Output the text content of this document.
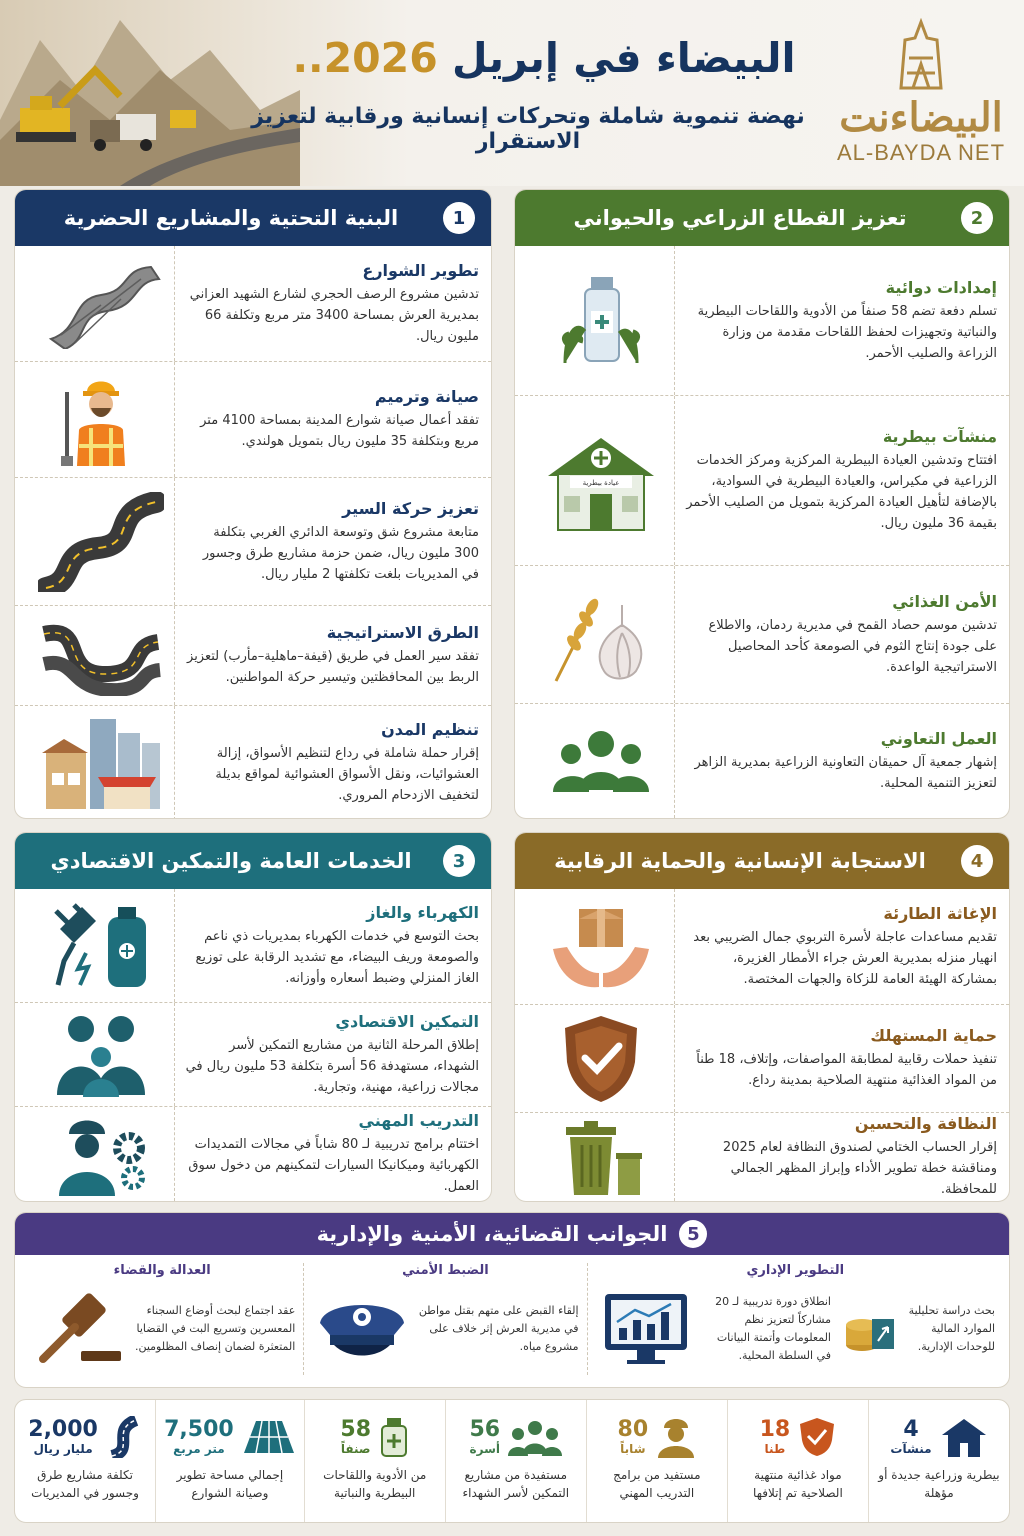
البيضاء في إبريل 2026..
نهضة تنموية شاملة وتحركات إنسانية ورقابية لتعزيز الاستقرار
البيضاءنت
AL-BAYDA NET
2
تعزيز القطاع الزراعي والحيواني
إمدادات دوائية
تسلم دفعة تضم 58 صنفاً من الأدوية واللقاحات البيطرية والنباتية وتجهيزات لحفظ اللقاحات مقدمة من وزارة الزراعة والصليب الأحمر.
منشآت بيطرية
افتتاح وتدشين العيادة البيطرية المركزية ومركز الخدمات الزراعية في مكيراس، والعيادة البيطرية في السوادية، بالإضافة لتأهيل العيادة المركزية بتمويل من الصليب الأحمر بقيمة 36 مليون ريال.
عيادة بيطرية
الأمن الغذائي
تدشين موسم حصاد القمح في مديرية ردمان، والاطلاع على جودة إنتاج الثوم في الصومعة كأحد المحاصيل الاستراتيجية الواعدة.
العمل التعاوني
إشهار جمعية آل حميقان التعاونية الزراعية بمديرية الزاهر لتعزيز التنمية المحلية.
1
البنية التحتية والمشاريع الحضرية
تطوير الشوارع
تدشين مشروع الرصف الحجري لشارع الشهيد العزاني بمديرية العرش بمساحة 3400 متر مربع وتكلفة 66 مليون ريال.
صيانة وترميم
تفقد أعمال صيانة شوارع المدينة بمساحة 4100 متر مربع وبتكلفة 35 مليون ريال بتمويل هولندي.
تعزيز حركة السير
متابعة مشروع شق وتوسعة الدائري الغربي بتكلفة 300 مليون ريال، ضمن حزمة مشاريع طرق وجسور في المديريات بلغت تكلفتها 2 مليار ريال.
الطرق الاستراتيجية
تفقد سير العمل في طريق (قيفة–ماهلية–مأرب) لتعزيز الربط بين المحافظتين وتيسير حركة المواطنين.
تنظيم المدن
إقرار حملة شاملة في رداع لتنظيم الأسواق، إزالة العشوائيات، ونقل الأسواق العشوائية لمواقع بديلة لتخفيف الازدحام المروري.
4
الاستجابة الإنسانية والحماية الرقابية
الإغاثة الطارئة
تقديم مساعدات عاجلة لأسرة التربوي جمال الضريبي بعد انهيار منزله بمديرية العرش جراء الأمطار الغزيرة، بمشاركة الهيئة العامة للزكاة والجهات المختصة.
حماية المستهلك
تنفيذ حملات رقابية لمطابقة المواصفات، وإتلاف، 18 طناً من المواد الغذائية منتهية الصلاحية بمدينة رداع.
النظافة والتحسين
إقرار الحساب الختامي لصندوق النظافة لعام 2025 ومناقشة خطة تطوير الأداء وإبراز المظهر الجمالي للمحافظة.
3
الخدمات العامة والتمكين الاقتصادي
الكهرباء والغاز
بحث التوسع في خدمات الكهرباء بمديريات ذي ناعم والصومعة وريف البيضاء، مع تشديد الرقابة على توزيع الغاز المنزلي وضبط أسعاره وأوزانه.
التمكين الاقتصادي
إطلاق المرحلة الثانية من مشاريع التمكين لأسر الشهداء، مستهدفة 56 أسرة بتكلفة 53 مليون ريال في مجالات زراعية، مهنية، وتجارية.
التدريب المهني
اختتام برامج تدريبية لـ 80 شاباً في مجالات التمديدات الكهربائية وميكانيكا السيارات لتمكينهم من دخول سوق العمل.
5
الجوانب القضائية، الأمنية والإدارية
التطوير الإداري
بحث دراسة تحليلية الموارد المالية للوحدات الإدارية.
انطلاق دورة تدريبية لـ 20 مشاركاً لتعزيز نظم المعلومات وأتمتة البيانات في السلطة المحلية.
الضبط الأمني
إلقاء القبض على متهم بقتل مواطن في مديرية العرش إثر خلاف على مشروع مياه.
العدالة والقضاء
عقد اجتماع لبحث أوضاع السجناء المعسرين وتسريع البت في القضايا المتعثرة لضمان إنصاف المظلومين.
4
منشآت
بيطرية وزراعية جديدة أو مؤهلة
18
طنا
مواد غذائية منتهية الصلاحية تم إتلافها
80
شاباً
مستفيد من برامج التدريب المهني
56
أسرة
مستفيدة من مشاريع التمكين لأسر الشهداء
58
صنفاً
من الأدوية واللقاحات البيطرية والنباتية
7,500
متر مربع
إجمالي مساحة تطوير وصيانة الشوارع
2,000
مليار ريال
تكلفة مشاريع طرق وجسور في المديريات
